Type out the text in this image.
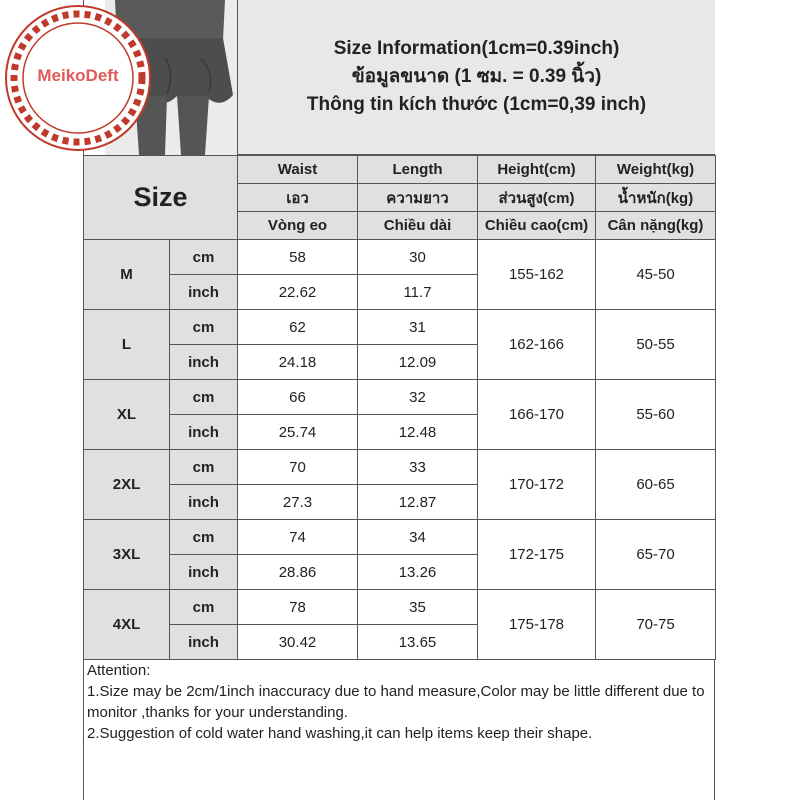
MeikoDeft
Size Information(1cm=0.39inch)
ข้อมูลขนาด (1 ซม. = 0.39 นิ้ว)
Thông tin kích thước (1cm=0,39 inch)
Size		Waist	Length	Height(cm)	Weight(kg)
		เอว	ความยาว	ส่วนสูง(cm)	น้ำหนัก(kg)
		Vòng eo	Chiều dài	Chiều cao(cm)	Cân nặng(kg)
M	cm	58	30	155-162	45-50
	inch	22.62	11.7		
L	cm	62	31	162-166	50-55
	inch	24.18	12.09		
XL	cm	66	32	166-170	55-60
	inch	25.74	12.48		
2XL	cm	70	33	170-172	60-65
	inch	27.3	12.87		
3XL	cm	74	34	172-175	65-70
	inch	28.86	13.26		
4XL	cm	78	35	175-178	70-75
	inch	30.42	13.65		
Attention:
1.Size may be 2cm/1inch inaccuracy due to hand measure,Color may be little different due to monitor ,thanks for your understanding.
2.Suggestion of cold water hand washing,it can help items keep their shape.
